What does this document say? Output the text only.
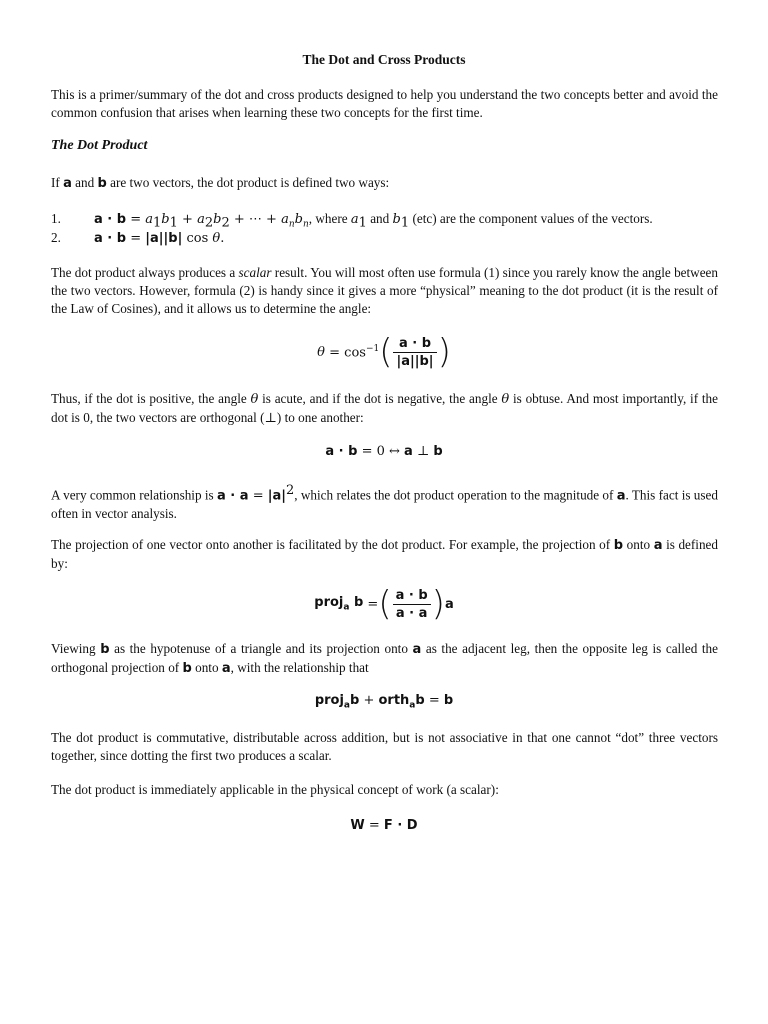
The Dot and Cross Products
This is a primer/summary of the dot and cross products designed to help you understand the two concepts better and avoid the common confusion that arises when learning these two concepts for the first time.
The Dot Product
If a and b are two vectors, the dot product is defined two ways:
1.	$a \cdot b = a_1b_1 + a_2b_2$ + ⋯ + $a_nb_n$, where $a_1$ and $b_1$ (etc) are the component values of the vectors.
2.	a · b = |a||b| cos θ.
The dot product always produces a scalar result. You will most often use formula (1) since you rarely know the angle between the two vectors. However, formula (2) is handy since it gives a more “physical” meaning to the dot product (it is the result of the Law of Cosines), and it allows us to determine the angle:
$\theta = \cos^{-1}$ ( $\frac{a \cdot b}{|a||b|}$ )
Thus, if the dot is positive, the angle θ is acute, and if the dot is negative, the angle θ is obtuse. And most importantly, if the dot is 0, the two vectors are orthogonal (⊥) to one another:
a · b = 0 ↔ a ⊥ b
A very common relationship is $a \cdot a = |a|^2$, which relates the dot product operation to the magnitude of a. This fact is used often in vector analysis.
The projection of one vector onto another is facilitated by the dot product. For example, the projection of b onto a is defined by:
proj$_a$ b = ( $\frac{a \cdot b}{a \cdot a}$ ) a
Viewing b as the hypotenuse of a triangle and its projection onto a as the adjacent leg, then the opposite leg is called the orthogonal projection of b onto a, with the relationship that
proj$_a$b + orth$_a$b = b
The dot product is commutative, distributable across addition, but is not associative in that one cannot “dot” three vectors together, since dotting the first two produces a scalar.
The dot product is immediately applicable in the physical concept of work (a scalar):
W = F · D
